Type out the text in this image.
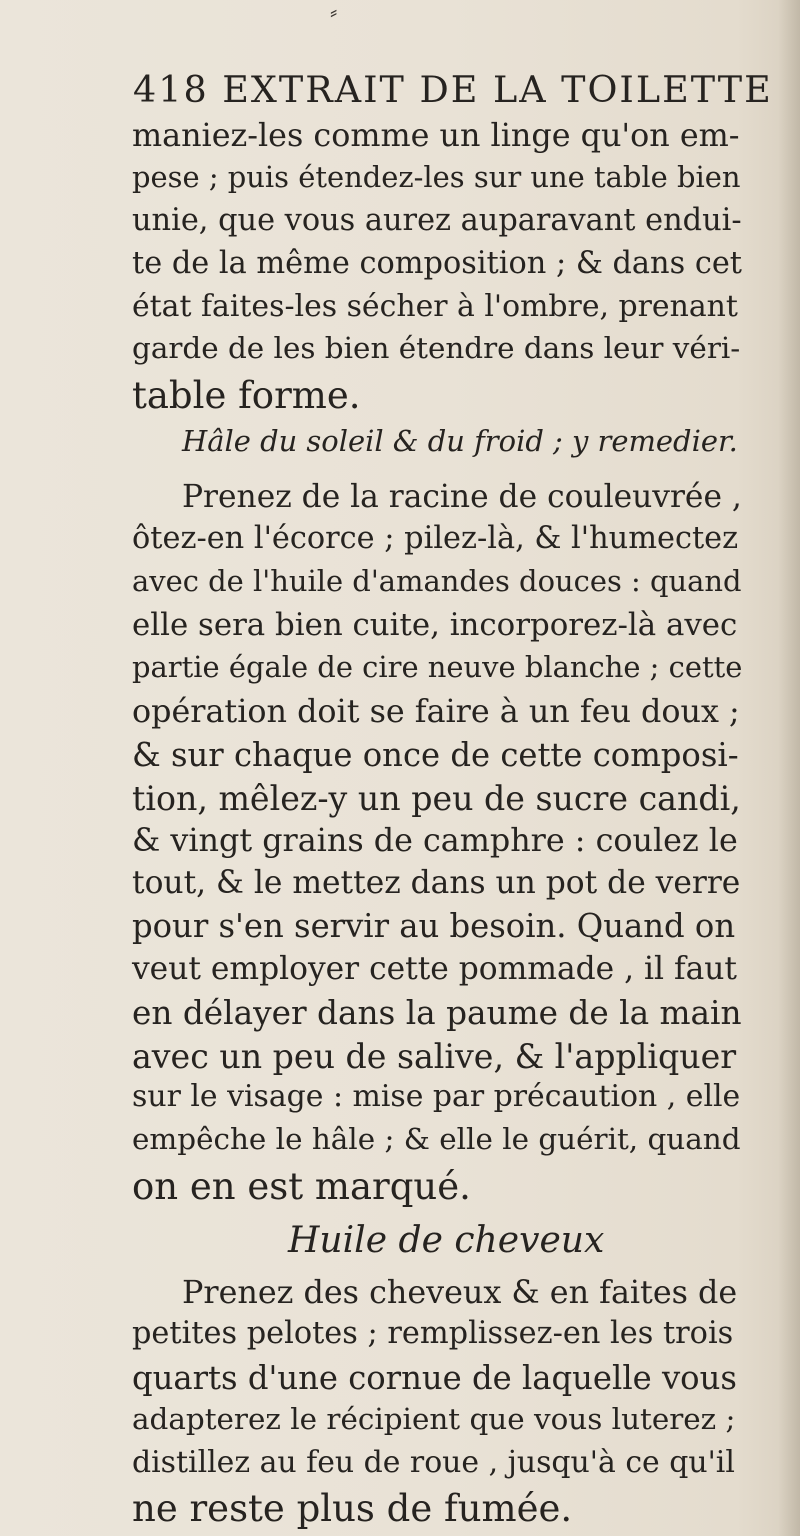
⸗
418 EXTRAIT DE LA TOILETTE
maniez-les comme un linge qu'on em-
pese ; puis étendez-les sur une table bien
unie, que vous aurez auparavant endui-
te de la même composition ; & dans cet
état faites-les sécher à l'ombre, prenant
garde de les bien étendre dans leur véri-
table forme.
Hâle du soleil & du froid ; y remedier.
Prenez de la racine de couleuvrée ,
ôtez-en l'écorce ; pilez-là, & l'humectez
avec de l'huile d'amandes douces : quand
elle sera bien cuite, incorporez-là avec
partie égale de cire neuve blanche ; cette
opération doit se faire à un feu doux ;
& sur chaque once de cette composi-
tion, mêlez-y un peu de sucre candi,
& vingt grains de camphre : coulez le
tout, & le mettez dans un pot de verre
pour s'en servir au besoin. Quand on
veut employer cette pommade , il faut
en délayer dans la paume de la main
avec un peu de salive, & l'appliquer
sur le visage : mise par précaution , elle
empêche le hâle ; & elle le guérit, quand
on en est marqué.
Huile de cheveux
Prenez des cheveux & en faites de
petites pelotes ; remplissez-en les trois
quarts d'une cornue de laquelle vous
adapterez le récipient que vous luterez ;
distillez au feu de roue , jusqu'à ce qu'il
ne reste plus de fumée.
